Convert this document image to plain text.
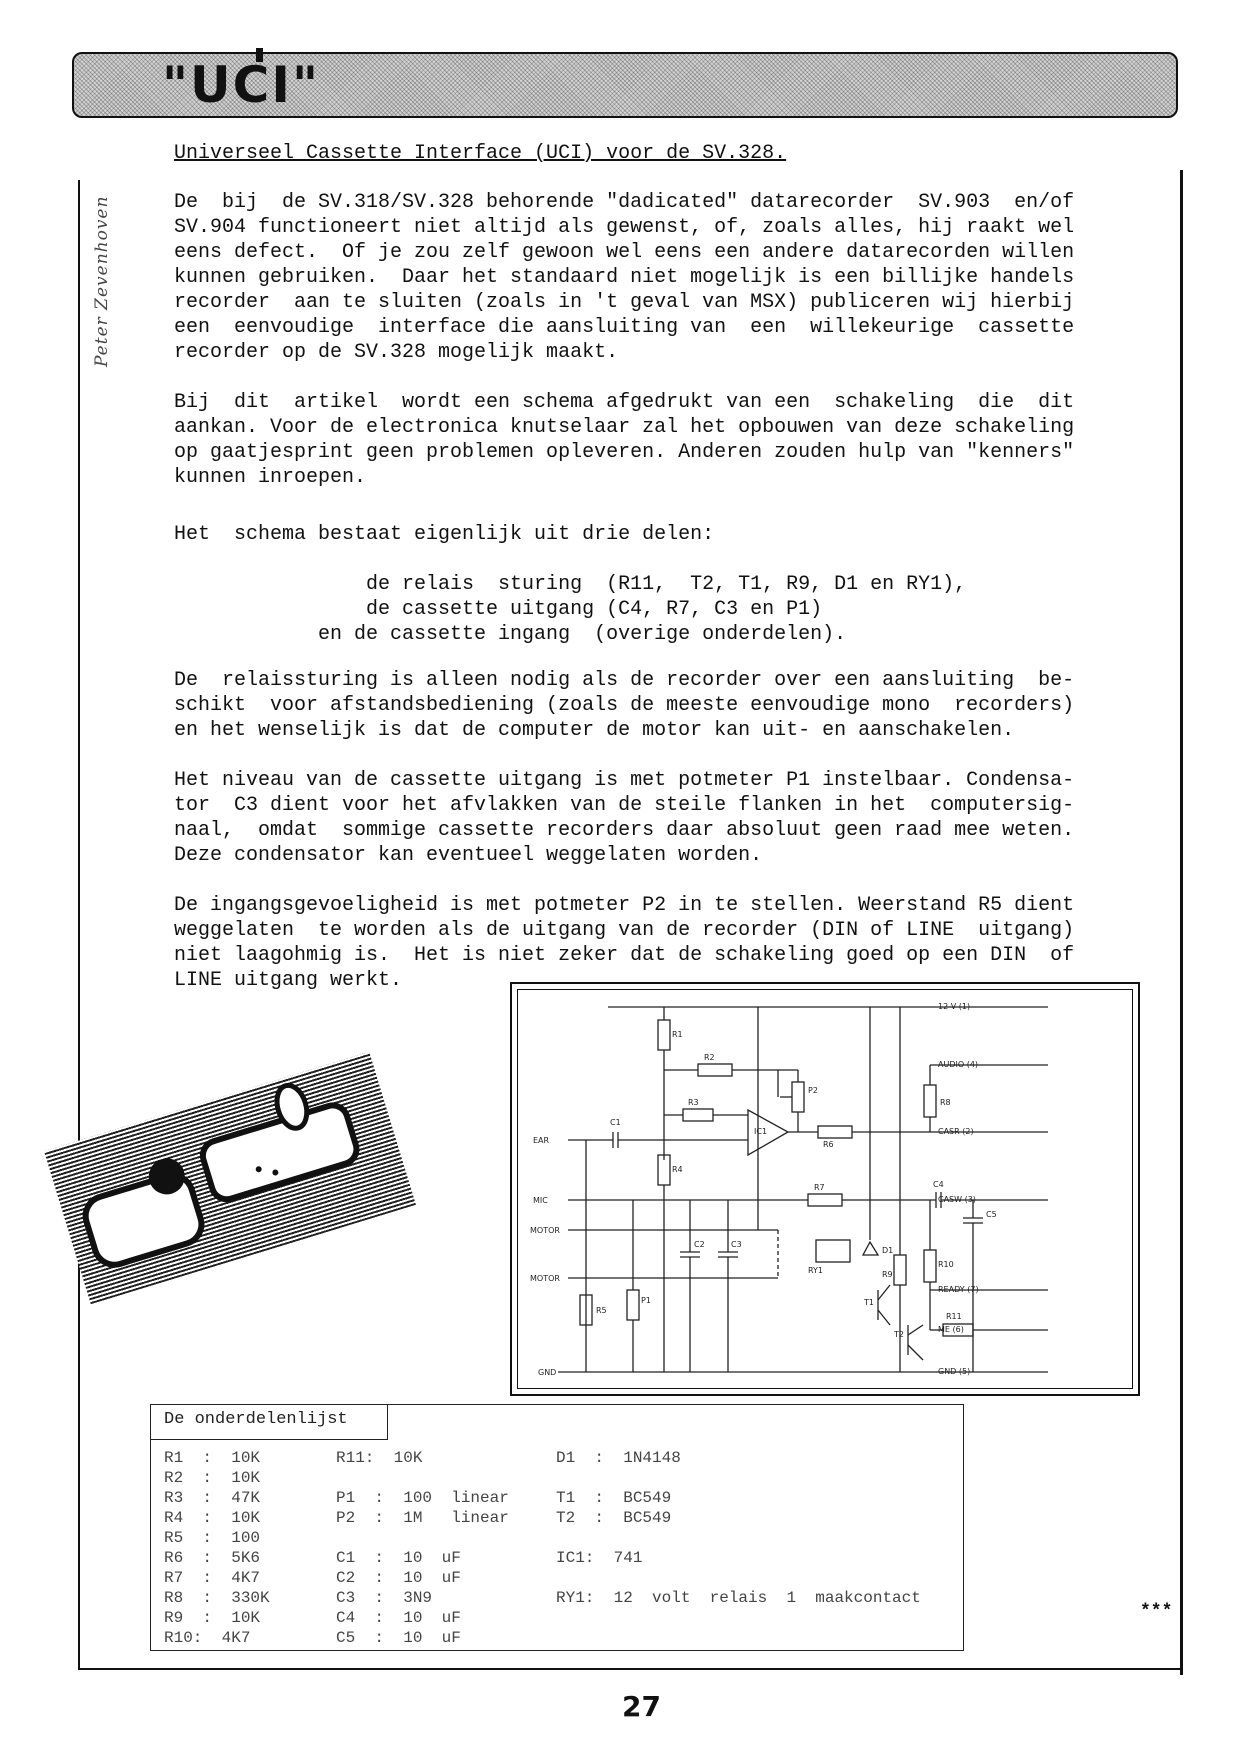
"UCI"
Peter Zevenhoven
Universeel Cassette Interface (UCI) voor de SV.328.
De  bij  de SV.318/SV.328 behorende "dadicated" datarecorder  SV.903  en/of
SV.904 functioneert niet altijd als gewenst, of, zoals alles, hij raakt wel
eens defect.  Of je zou zelf gewoon wel eens een andere datarecorden willen
kunnen gebruiken.  Daar het standaard niet mogelijk is een billijke handels
recorder  aan te sluiten (zoals in 't geval van MSX) publiceren wij hierbij
een  eenvoudige  interface die aansluiting van  een  willekeurige  cassette
recorder op de SV.328 mogelijk maakt.
Bij  dit  artikel  wordt een schema afgedrukt van een  schakeling  die  dit
aankan. Voor de electronica knutselaar zal het opbouwen van deze schakeling
op gaatjesprint geen problemen opleveren. Anderen zouden hulp van "kenners"
kunnen inroepen.
Het  schema bestaat eigenlijk uit drie delen:
de relais  sturing  (R11,  T2, T1, R9, D1 en RY1),
de cassette uitgang (C4, R7, C3 en P1)
en de cassette ingang  (overige onderdelen).
De  relaissturing is alleen nodig als de recorder over een aansluiting  be-
schikt  voor afstandsbediening (zoals de meeste eenvoudige mono  recorders)
en het wenselijk is dat de computer de motor kan uit- en aanschakelen.
Het niveau van de cassette uitgang is met potmeter P1 instelbaar. Condensa-
tor  C3 dient voor het afvlakken van de steile flanken in het  computersig-
naal,  omdat  sommige cassette recorders daar absoluut geen raad mee weten.
Deze condensator kan eventueel weggelaten worden.
De ingangsgevoeligheid is met potmeter P2 in te stellen. Weerstand R5 dient
weggelaten  te worden als de uitgang van de recorder (DIN of LINE  uitgang)
niet laagohmig is.  Het is niet zeker dat de schakeling goed op een DIN  of
LINE uitgang werkt.
12 V (1)
AUDIO (4)
CASR (2)
CASW (3)
READY (7)
ME (6)
GND (5)
EAR
MIC
MOTOR
MOTOR
GND
R1
R2
R3
R4
R5
R6
R7
R8
R9
R10
R11
P1
P2
C1
C2	C3
C4
C5
IC1
D1
RY1
T1
T2
De onderdelenlijst
R1  :  10K
R2  :  10K
R3  :  47K
R4  :  10K
R5  :  100
R6  :  5K6
R7  :  4K7
R8  :  330K
R9  :  10K
R10:  4K7
R11:  10K

P1  :  100  linear
P2  :  1M   linear

C1  :  10  uF
C2  :  10  uF
C3  :  3N9
C4  :  10  uF
C5  :  10  uF
D1  :  1N4148

T1  :  BC549
T2  :  BC549

IC1:  741

RY1:  12  volt  relais  1  maakcontact
***
27
